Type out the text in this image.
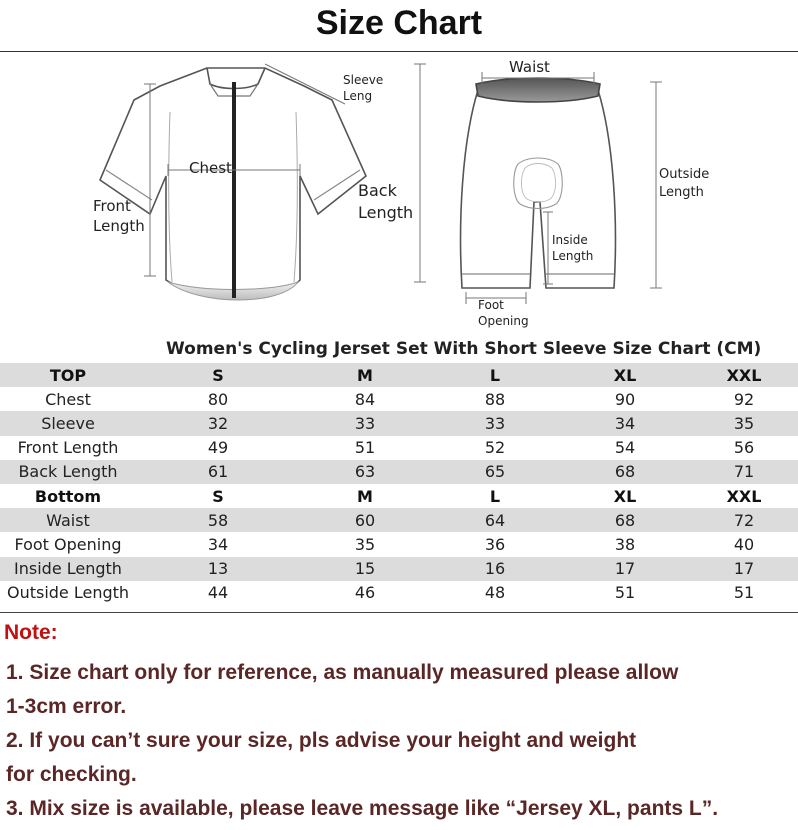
Size Chart
Sleeve
Leng
Chest
Front
Length
Back
Length
Waist
Outside
Length
Inside
Length
Foot
Opening
Women's Cycling Jerset Set With Short Sleeve Size Chart (CM)
TOP	S	M	L	XL	XXL
Chest	80	84	88	90	92
Sleeve	32	33	33	34	35
Front Length	49	51	52	54	56
Back Length	61	63	65	68	71
Bottom	S	M	L	XL	XXL
Waist	58	60	64	68	72
Foot Opening	34	35	36	38	40
Inside Length	13	15	16	17	17
Outside Length	44	46	48	51	51
Note:
1. Size chart only for reference, as manually measured please allow
1-3cm error.
2. If you can’t sure your size, pls advise your height and weight
for checking.
3. Mix size is available, please leave message like “Jersey XL, pants L”.
